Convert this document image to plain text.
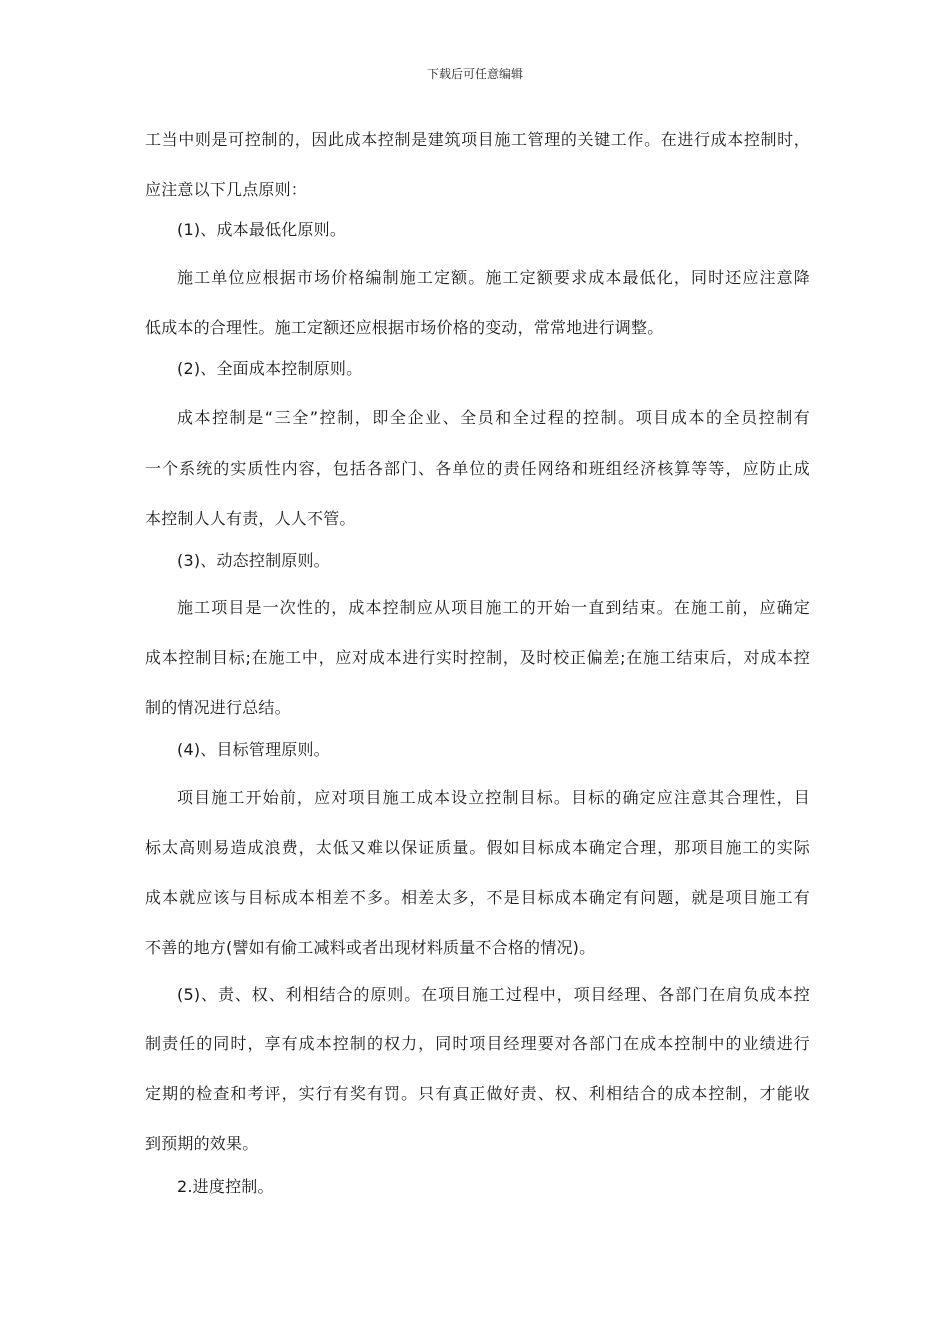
下载后可任意编辑
工当中则是可控制的，因此成本控制是建筑项目施工管理的关键工作。在进行成本控制时，
应注意以下几点原则：
(1)、成本最低化原则。
施工单位应根据市场价格编制施工定额。施工定额要求成本最低化，同时还应注意降
低成本的合理性。施工定额还应根据市场价格的变动，常常地进行调整。
(2)、全面成本控制原则。
成本控制是“三全”控制，即全企业、全员和全过程的控制。项目成本的全员控制有
一个系统的实质性内容，包括各部门、各单位的责任网络和班组经济核算等等，应防止成
本控制人人有责，人人不管。
(3)、动态控制原则。
施工项目是一次性的，成本控制应从项目施工的开始一直到结束。在施工前，应确定
成本控制目标;在施工中，应对成本进行实时控制，及时校正偏差;在施工结束后，对成本控
制的情况进行总结。
(4)、目标管理原则。
项目施工开始前，应对项目施工成本设立控制目标。目标的确定应注意其合理性，目
标太高则易造成浪费，太低又难以保证质量。假如目标成本确定合理，那项目施工的实际
成本就应该与目标成本相差不多。相差太多，不是目标成本确定有问题，就是项目施工有
不善的地方(譬如有偷工减料或者出现材料质量不合格的情况)。
(5)、责、权、利相结合的原则。在项目施工过程中，项目经理、各部门在肩负成本控
制责任的同时，享有成本控制的权力，同时项目经理要对各部门在成本控制中的业绩进行
定期的检查和考评，实行有奖有罚。只有真正做好责、权、利相结合的成本控制，才能收
到预期的效果。
2.进度控制。
